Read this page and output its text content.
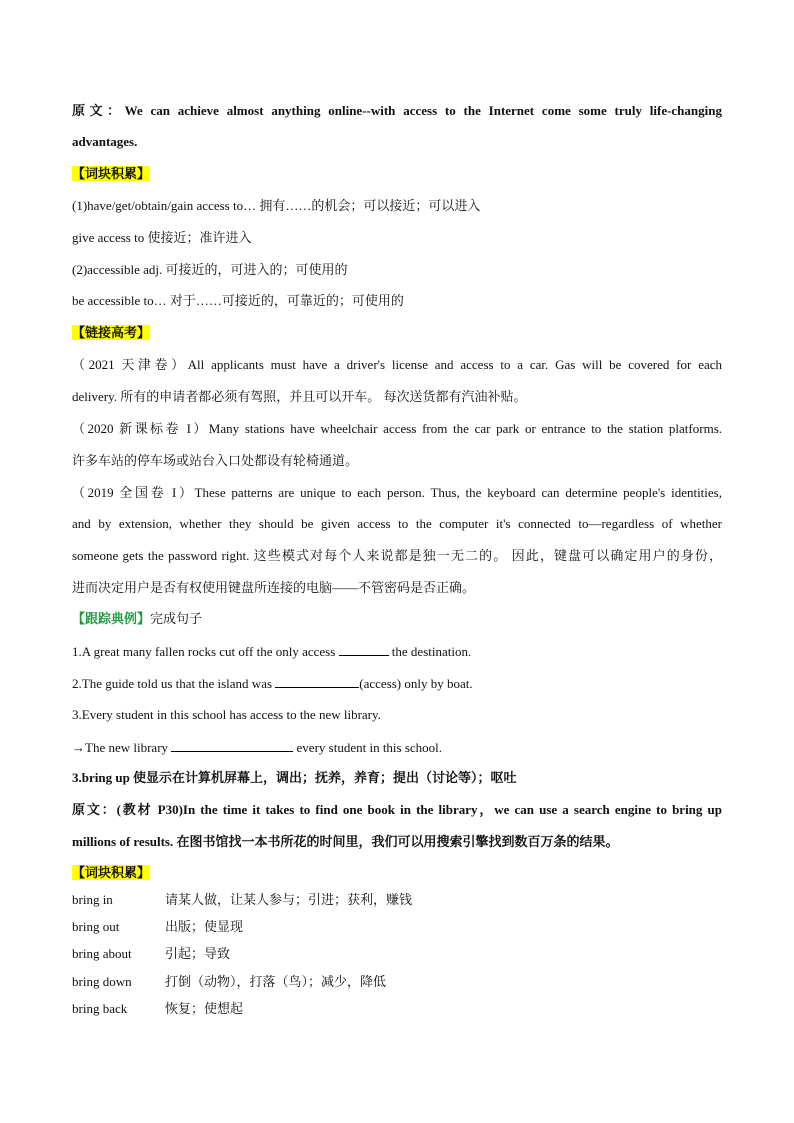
原文：We can achieve almost anything online--with access to the Internet come some truly life-changing
advantages.
【词块积累】
(1)have/get/obtain/gain access to… 拥有……的机会；可以接近；可以进入
give access to 使接近；准许进入
(2)accessible adj. 可接近的，可进入的；可使用的
be accessible to… 对于……可接近的，可靠近的；可使用的
【链接高考】
（2021 天津卷）All applicants must have a driver's license and access to a car. Gas will be covered for each
delivery. 所有的申请者都必须有驾照，并且可以开车。 每次送货都有汽油补贴。
（2020 新课标卷 I）Many stations have wheelchair access from the car park or entrance to the station platforms.
许多车站的停车场或站台入口处都设有轮椅通道。
（2019 全国卷 I）These patterns are unique to each person. Thus, the keyboard can determine people's identities,
and by extension, whether they should be given access to the computer it's connected to—regardless of whether
someone gets the password right. 这些模式对每个人来说都是独一无二的。 因此，键盘可以确定用户的身份，
进而决定用户是否有权使用键盘所连接的电脑——不管密码是否正确。
【跟踪典例】完成句子
1.A great many fallen rocks cut off the only access	the destination.
2.The guide told us that the island was	(access) only by boat.
3.Every student in this school has access to the new library.
→The new library	every student in this school.
3.bring up 使显示在计算机屏幕上，调出；抚养，养育；提出（讨论等）；呕吐
原文：(教材 P30)In the time it takes to find one book in the library，we can use a search engine to bring up
millions of results. 在图书馆找一本书所花的时间里，我们可以用搜索引擎找到数百万条的结果。
【词块积累】
bring in	请某人做，让某人参与；引进；获利，赚钱
bring out	出版；使显现
bring about	引起；导致
bring down	打倒（动物），打落（鸟）；减少，降低
bring back	恢复；使想起
